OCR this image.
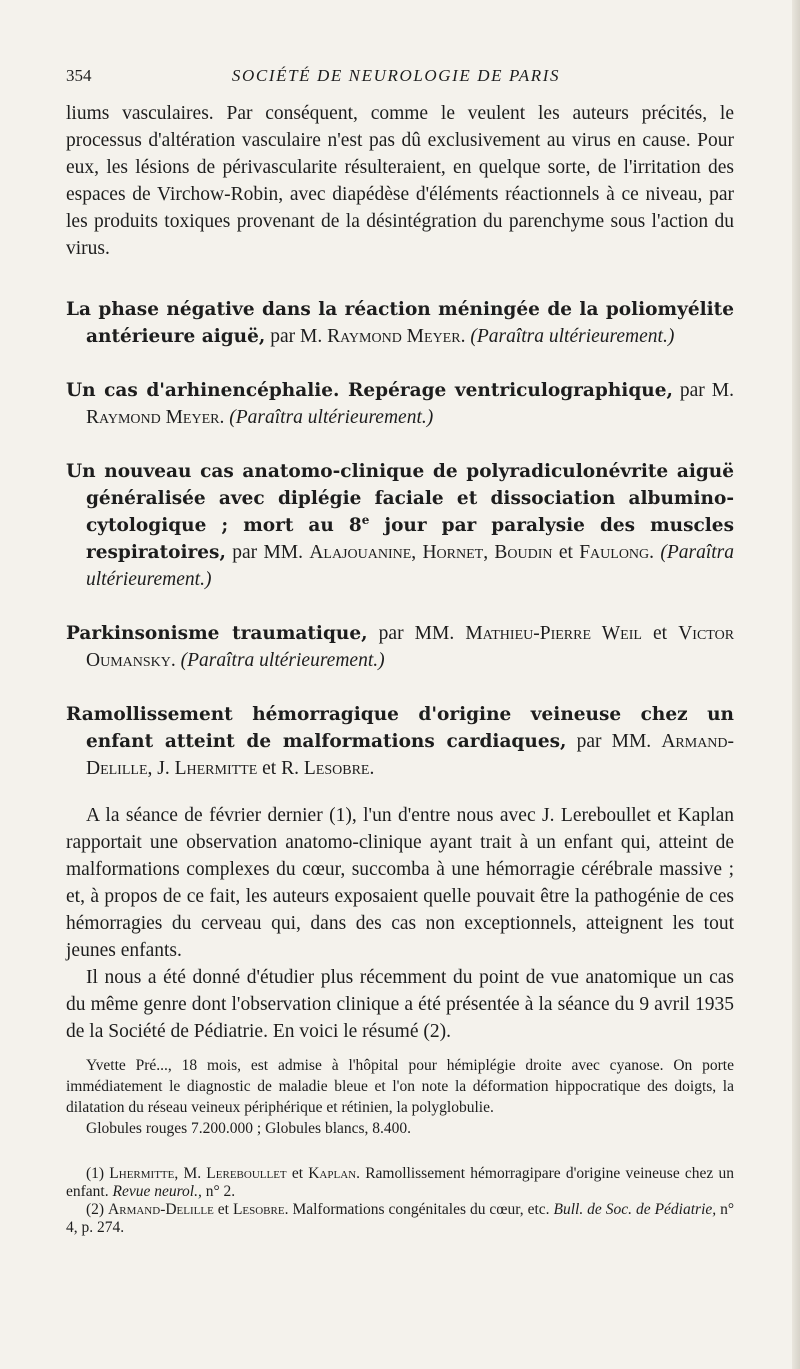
SOCIÉTÉ DE NEUROLOGIE DE PARIS
354

liums vasculaires. Par conséquent, comme le veulent les auteurs précités, le processus d'altération vasculaire n'est pas dû exclusivement au virus en cause. Pour eux, les lésions de périvascularite résulteraient, en quelque sorte, de l'irritation des espaces de Virchow-Robin, avec diapédèse d'éléments réactionnels à ce niveau, par les produits toxiques provenant de la désintégration du parenchyme sous l'action du virus.

La phase négative dans la réaction méningée de la poliomyélite antérieure aiguë, par M. Raymond Meyer. (Paraîtra ultérieurement.)

Un cas d'arhinencéphalie. Repérage ventriculographique, par M. Raymond Meyer. (Paraîtra ultérieurement.)

Un nouveau cas anatomo-clinique de polyradiculonévrite aiguë généralisée avec diplégie faciale et dissociation albumino-cytologique ; mort au 8e jour par paralysie des muscles respiratoires, par MM. Alajouanine, Hornet, Boudin et Faulong. (Paraîtra ultérieurement.)

Parkinsonisme traumatique, par MM. Mathieu-Pierre Weil et Victor Oumansky. (Paraîtra ultérieurement.)

Ramollissement hémorragique d'origine veineuse chez un enfant atteint de malformations cardiaques, par MM. Armand-Delille, J. Lhermitte et R. Lesobre.

A la séance de février dernier (1), l'un d'entre nous avec J. Lereboullet et Kaplan rapportait une observation anatomo-clinique ayant trait à un enfant qui, atteint de malformations complexes du cœur, succomba à une hémorragie cérébrale massive ; et, à propos de ce fait, les auteurs exposaient quelle pouvait être la pathogénie de ces hémorragies du cerveau qui, dans des cas non exceptionnels, atteignent les tout jeunes enfants.

Il nous a été donné d'étudier plus récemment du point de vue anatomique un cas du même genre dont l'observation clinique a été présentée à la séance du 9 avril 1935 de la Société de Pédiatrie. En voici le résumé (2).

Yvette Pré..., 18 mois, est admise à l'hôpital pour hémiplégie droite avec cyanose. On porte immédiatement le diagnostic de maladie bleue et l'on note la déformation hippocratique des doigts, la dilatation du réseau veineux périphérique et rétinien, la polyglobulie.

Globules rouges 7.200.000 ; Globules blancs, 8.400.

(1) Lhermitte, M. Lereboullet et Kaplan. Ramollissement hémorragipare d'origine veineuse chez un enfant. Revue neurol., n° 2.

(2) Armand-Delille et Lesobre. Malformations congénitales du cœur, etc. Bull. de Soc. de Pédiatrie, n° 4, p. 274.
